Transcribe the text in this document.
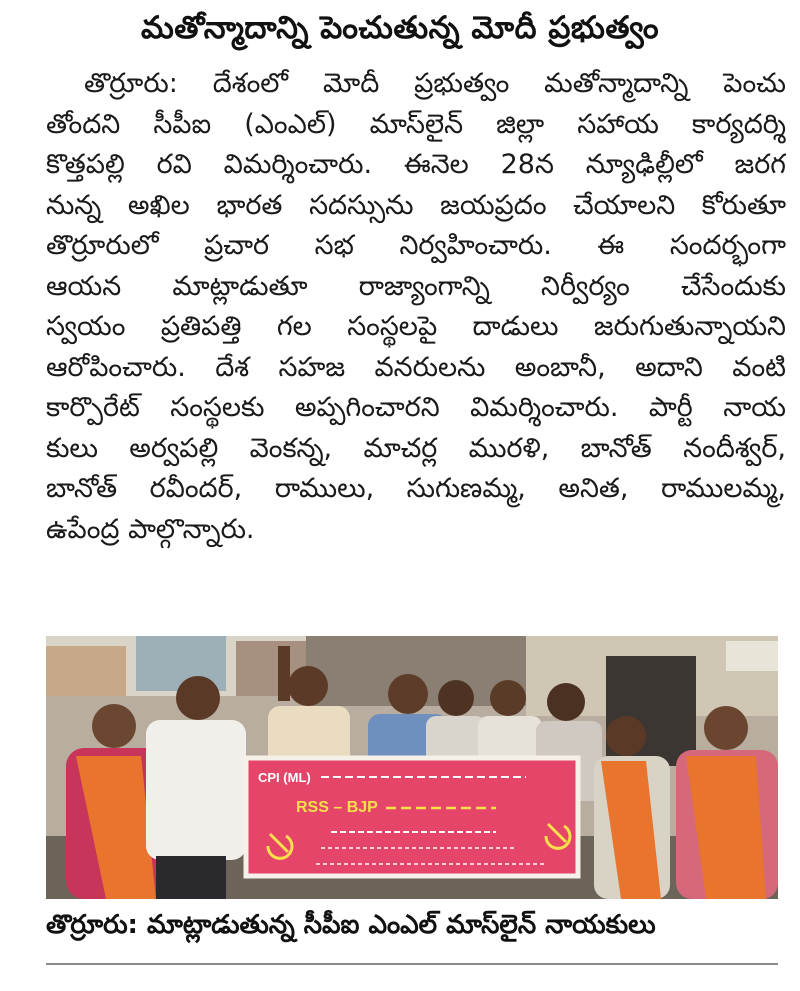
మతోన్మాదాన్ని పెంచుతున్న మోదీ ప్రభుత్వం
తొర్రూరు: దేశంలో మోదీ ప్రభుత్వం మతోన్మాదాన్ని పెంచు
తోందని సీపీఐ (ఎంఎల్) మాస్‌లైన్ జిల్లా సహాయ కార్యదర్శి
కొత్తపల్లి రవి విమర్శించారు. ఈనెల 28న న్యూఢిల్లీలో జరగ
నున్న అఖిల భారత సదస్సును జయప్రదం చేయాలని కోరుతూ
తొర్రూరులో ప్రచార సభ నిర్వహించారు. ఈ సందర్భంగా
ఆయన మాట్లాడుతూ రాజ్యాంగాన్ని నిర్వీర్యం చేసేందుకు
స్వయం ప్రతిపత్తి గల సంస్థలపై దాడులు జరుగుతున్నాయని
ఆరోపించారు. దేశ సహజ వనరులను అంబానీ, అదాని వంటి
కార్పొరేట్ సంస్థలకు అప్పగించారని విమర్శించారు. పార్టీ నాయ
కులు అర్వపల్లి వెంకన్న, మాచర్ల మురళి, బానోత్ నందీశ్వర్,
బానోత్ రవీందర్, రాములు, సుగుణమ్మ, అనిత, రాములమ్మ,
ఉపేంద్ర పాల్గొన్నారు.
CPI (ML)
RSS – BJP
తొర్రూరు: మాట్లాడుతున్న సీపీఐ ఎంఎల్ మాస్‌లైన్ నాయకులు
